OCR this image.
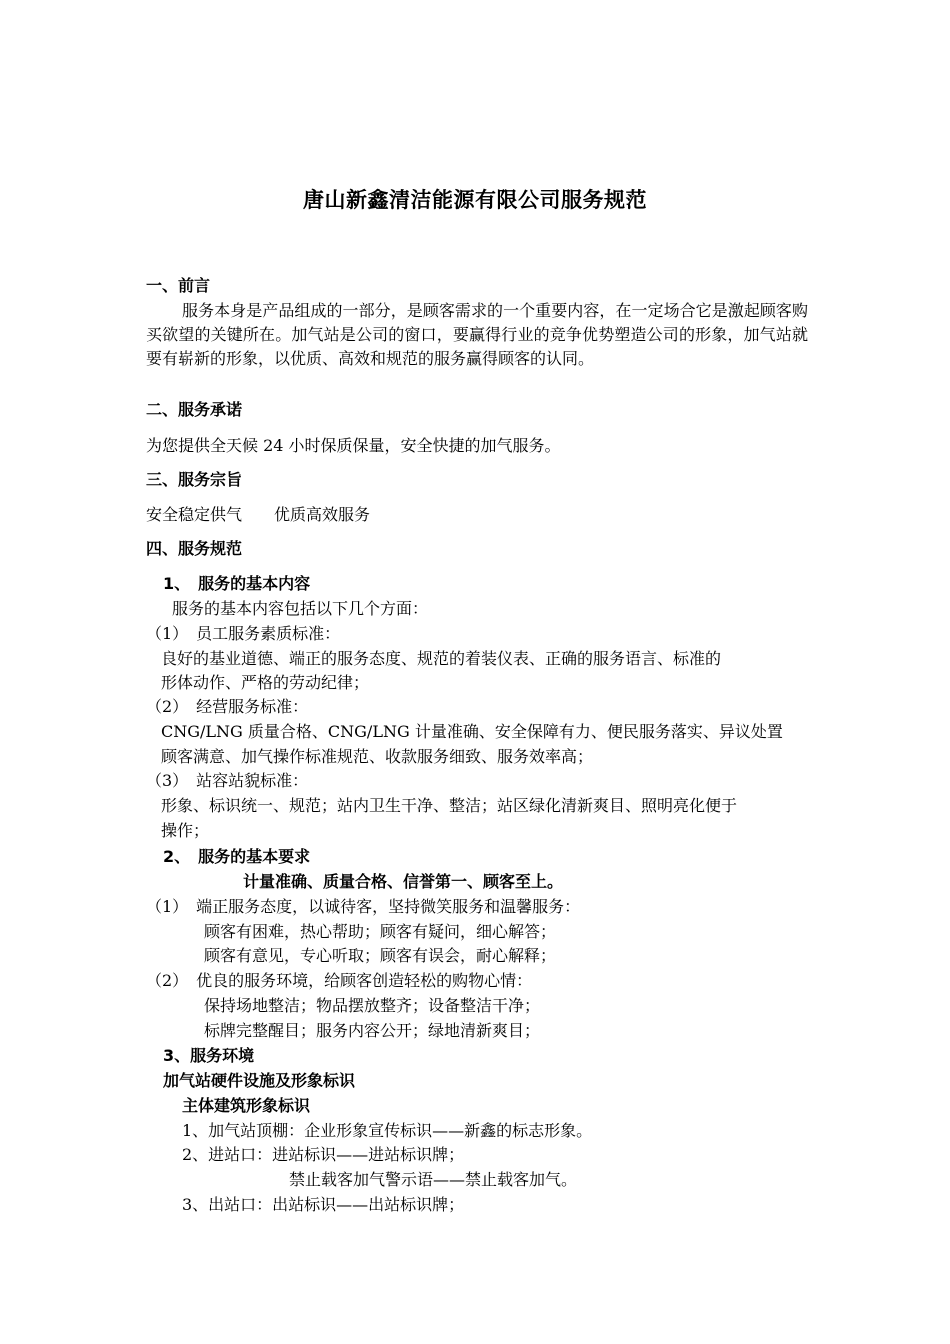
唐山新鑫清洁能源有限公司服务规范
一、前言
服务本身是产品组成的一部分，是顾客需求的一个重要内容，在一定场合它是激起顾客购买欲望的关键所在。加气站是公司的窗口，要赢得行业的竞争优势塑造公司的形象，加气站就要有崭新的形象，以优质、高效和规范的服务赢得顾客的认同。
二、服务承诺
为您提供全天候 24 小时保质保量，安全快捷的加气服务。
三、服务宗旨
安全稳定供气　　优质高效服务
四、服务规范
1、　服务的基本内容
服务的基本内容包括以下几个方面：
（1）　员工服务素质标准：
良好的基业道德、端正的服务态度、规范的着装仪表、正确的服务语言、标准的
形体动作、严格的劳动纪律；
（2）　经营服务标准：
CNG/LNG 质量合格、CNG/LNG 计量准确、安全保障有力、便民服务落实、异议处置
顾客满意、加气操作标准规范、收款服务细致、服务效率高；
（3）　站容站貌标准：
形象、标识统一、规范；站内卫生干净、整洁；站区绿化清新爽目、照明亮化便于
操作；
2、　服务的基本要求
计量准确、质量合格、信誉第一、顾客至上。
（1）　端正服务态度，以诚待客，坚持微笑服务和温馨服务：
顾客有困难，热心帮助；顾客有疑问，细心解答；
顾客有意见，专心听取；顾客有误会，耐心解释；
（2）　优良的服务环境，给顾客创造轻松的购物心情：
保持场地整洁；物品摆放整齐；设备整洁干净；
标牌完整醒目；服务内容公开；绿地清新爽目；
3、服务环境
加气站硬件设施及形象标识
主体建筑形象标识
1、加气站顶棚：企业形象宣传标识——新鑫的标志形象。
2、进站口：进站标识——进站标识牌；
禁止载客加气警示语——禁止载客加气。
3、出站口：出站标识——出站标识牌；
